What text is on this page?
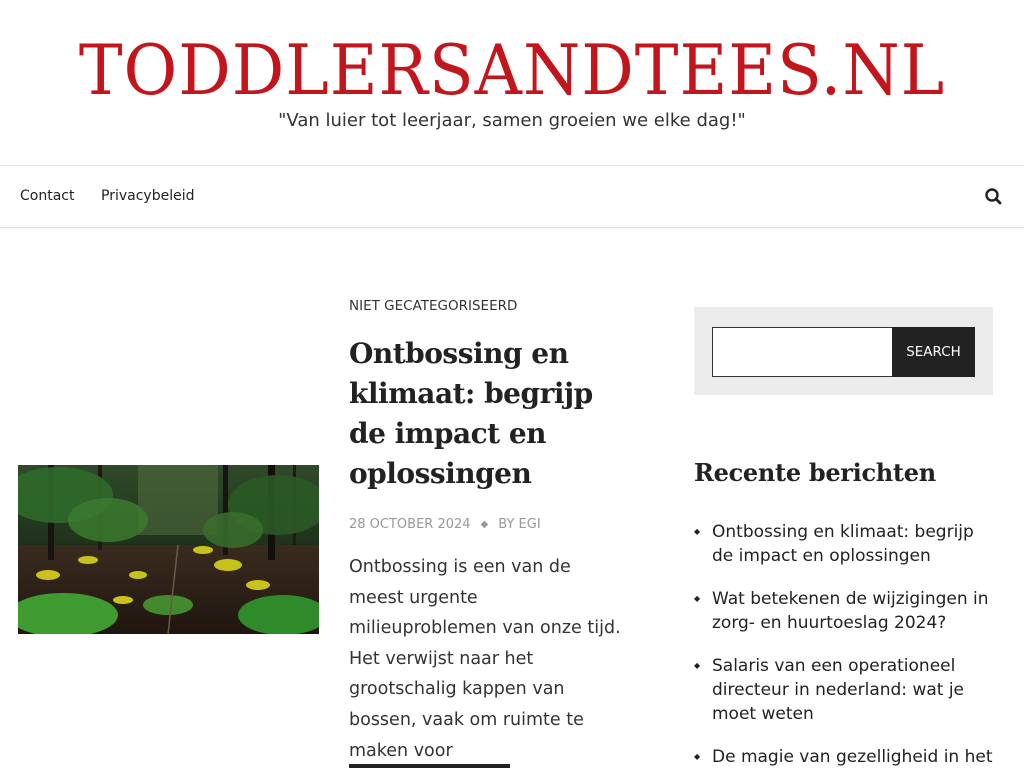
TODDLERSANDTEES.NL
"Van luier tot leerjaar, samen groeien we elke dag!"
Contact Privacybeleid
NIET GECATEGORISEERD
Ontbossing en klimaat: begrijp de impact en oplossingen
28 OCTOBER 2024 ◆ BY EGI

Ontbossing is een van de meest urgente milieuproblemen van onze tijd. Het verwijst naar het grootschalig kappen van bossen, vaak om ruimte te maken voor

SEARCH
Recente berichten
◆ Ontbossing en klimaat: begrijp de impact en oplossingen
◆ Wat betekenen de wijzigingen in zorg- en huurtoeslag 2024?
◆ Salaris van een operationeel directeur in nederland: wat je moet weten
◆ De magie van gezelligheid in het
